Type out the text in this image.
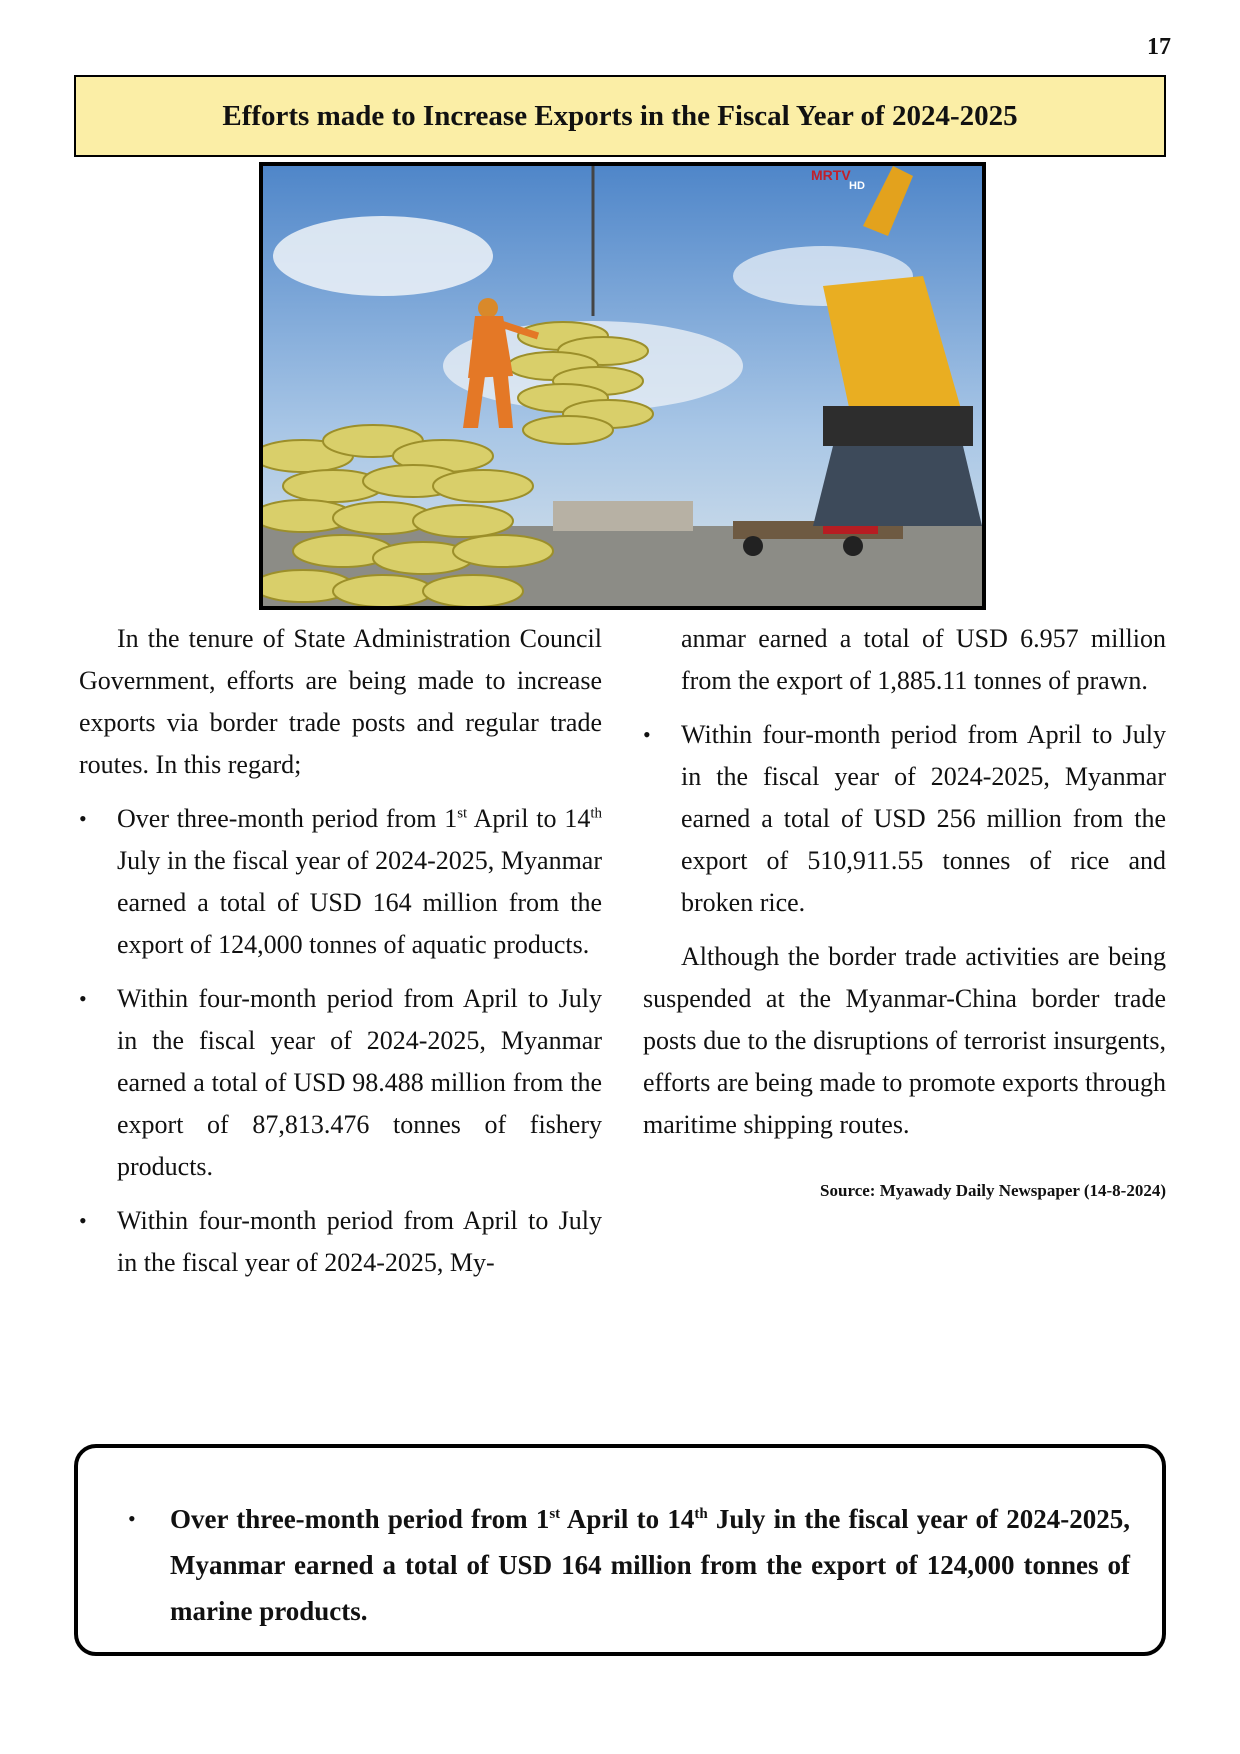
17
Efforts made to Increase Exports in the Fiscal Year of 2024-2025
MRTV
HD

In the tenure of State Administration Council Government, efforts are being made to increase exports via border trade posts and regular trade routes. In this regard;

• Over three-month period from 1st April to 14th July in the fiscal year of 2024-2025, Myanmar earned a total of USD 164 million from the export of 124,000 tonnes of aquatic products.
• Within four-month period from April to July in the fiscal year of 2024-2025, Myanmar earned a total of USD 98.488 million from the export of 87,813.476 tonnes of fishery products.
• Within four-month period from April to July in the fiscal year of 2024-2025, My-

anmar earned a total of USD 6.957 million from the export of 1,885.11 tonnes of prawn.

• Within four-month period from April to July in the fiscal year of 2024-2025, Myanmar earned a total of USD 256 million from the export of 510,911.55 tonnes of rice and broken rice.

Although the border trade activities are being suspended at the Myanmar-China border trade posts due to the disruptions of terrorist insurgents, efforts are being made to promote exports through maritime shipping routes.

Source: Myawady Daily Newspaper (14-8-2024)
• Over three-month period from 1st April to 14th July in the fiscal year of 2024-2025, Myanmar earned a total of USD 164 million from the export of 124,000 tonnes of marine products.
